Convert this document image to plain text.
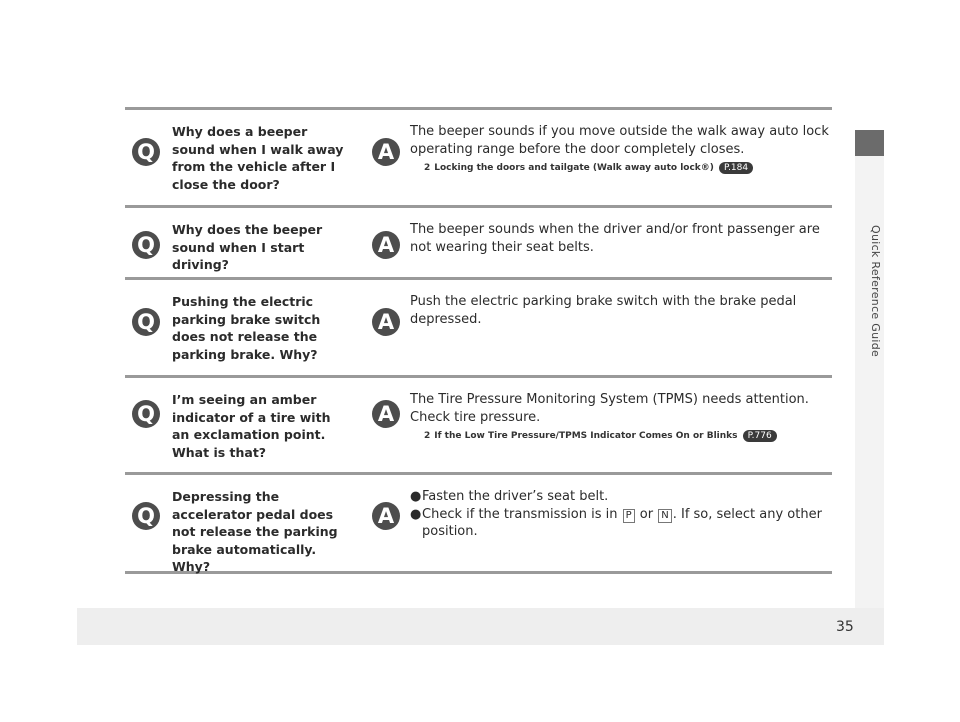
Quick Reference Guide
Q
Why does a beeper sound when I walk away from the vehicle after I close the door?
A
The beeper sounds if you move outside the walk away auto lock operating range before the door completely closes.
2 Locking the doors and tailgate (Walk away auto lock®) P.184
Q
Why does the beeper sound when I start driving?
A
The beeper sounds when the driver and/or front passenger are not wearing their seat belts.
Q
Pushing the electric parking brake switch does not release the parking brake. Why?
A
Push the electric parking brake switch with the brake pedal depressed.
Q
I’m seeing an amber indicator of a tire with an exclamation point. What is that?
A
The Tire Pressure Monitoring System (TPMS) needs attention. Check tire pressure.
2 If the Low Tire Pressure/TPMS Indicator Comes On or Blinks P.776
Q
Depressing the accelerator pedal does not release the parking brake automatically. Why?
A
● Fasten the driver’s seat belt.
● Check if the transmission is in P or N . If so, select any other position.
35
